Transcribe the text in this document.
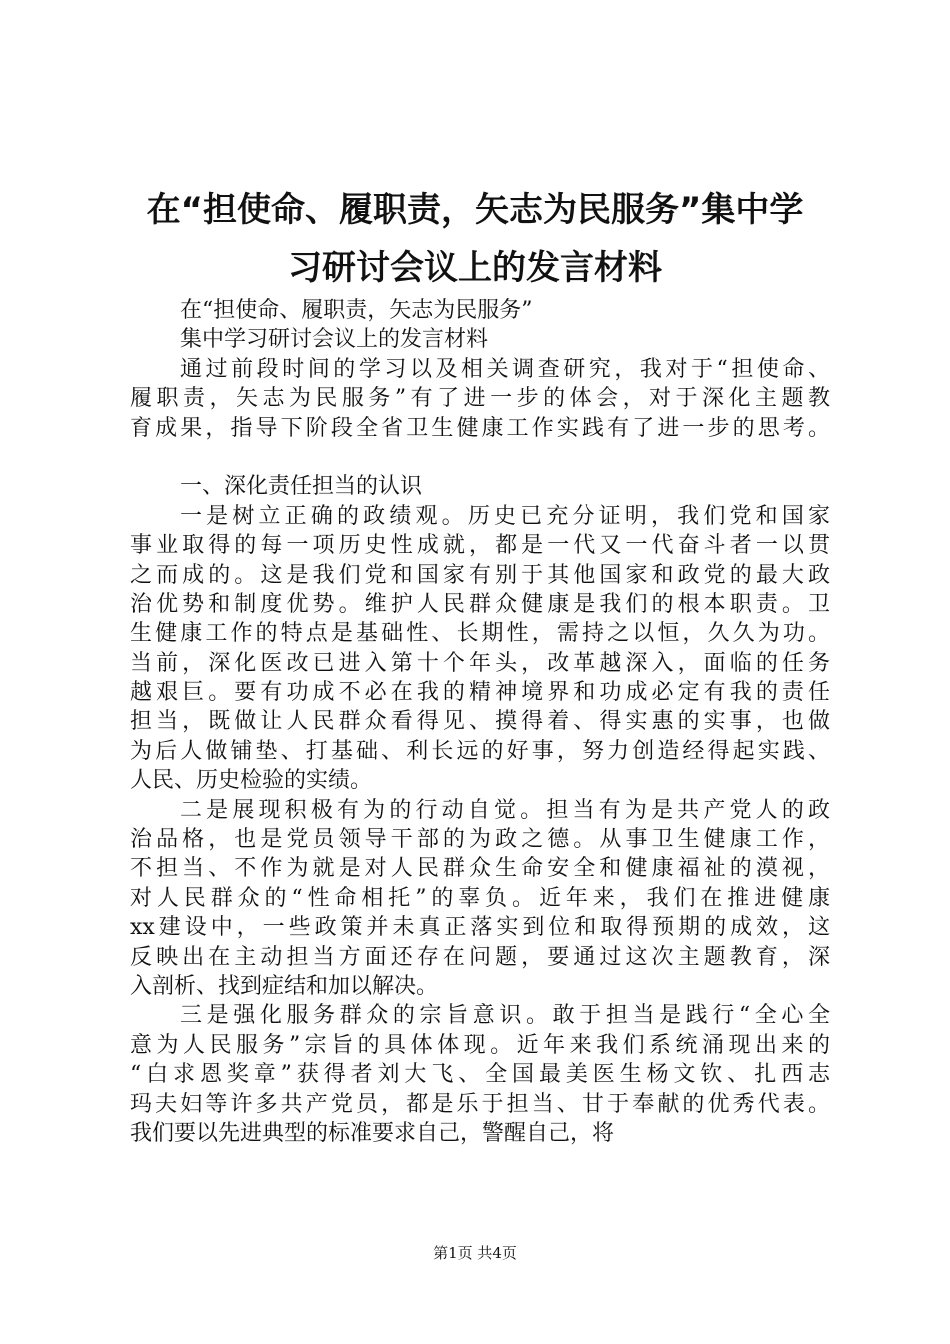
在“担使命、履职责，矢志为民服务”集中学
习研讨会议上的发言材料
在“担使命、履职责，矢志为民服务”
集中学习研讨会议上的发言材料
通过前段时间的学习以及相关调查研究，我对于“担使命、
履职责，矢志为民服务”有了进一步的体会，对于深化主题教
育成果，指导下阶段全省卫生健康工作实践有了进一步的思考。
一、深化责任担当的认识
一是树立正确的政绩观。历史已充分证明，我们党和国家
事业取得的每一项历史性成就，都是一代又一代奋斗者一以贯
之而成的。这是我们党和国家有别于其他国家和政党的最大政
治优势和制度优势。维护人民群众健康是我们的根本职责。卫
生健康工作的特点是基础性、长期性，需持之以恒，久久为功。
当前，深化医改已进入第十个年头，改革越深入，面临的任务
越艰巨。要有功成不必在我的精神境界和功成必定有我的责任
担当，既做让人民群众看得见、摸得着、得实惠的实事，也做
为后人做铺垫、打基础、利长远的好事，努力创造经得起实践、
人民、历史检验的实绩。
二是展现积极有为的行动自觉。担当有为是共产党人的政
治品格，也是党员领导干部的为政之德。从事卫生健康工作，
不担当、不作为就是对人民群众生命安全和健康福祉的漠视，
对人民群众的“性命相托”的辜负。近年来，我们在推进健康
xx建设中，一些政策并未真正落实到位和取得预期的成效，这
反映出在主动担当方面还存在问题，要通过这次主题教育，深
入剖析、找到症结和加以解决。
三是强化服务群众的宗旨意识。敢于担当是践行“全心全
意为人民服务”宗旨的具体体现。近年来我们系统涌现出来的
“白求恩奖章”获得者刘大飞、全国最美医生杨文钦、扎西志
玛夫妇等许多共产党员，都是乐于担当、甘于奉献的优秀代表。
我们要以先进典型的标准要求自己，警醒自己，将
第1页 共4页
